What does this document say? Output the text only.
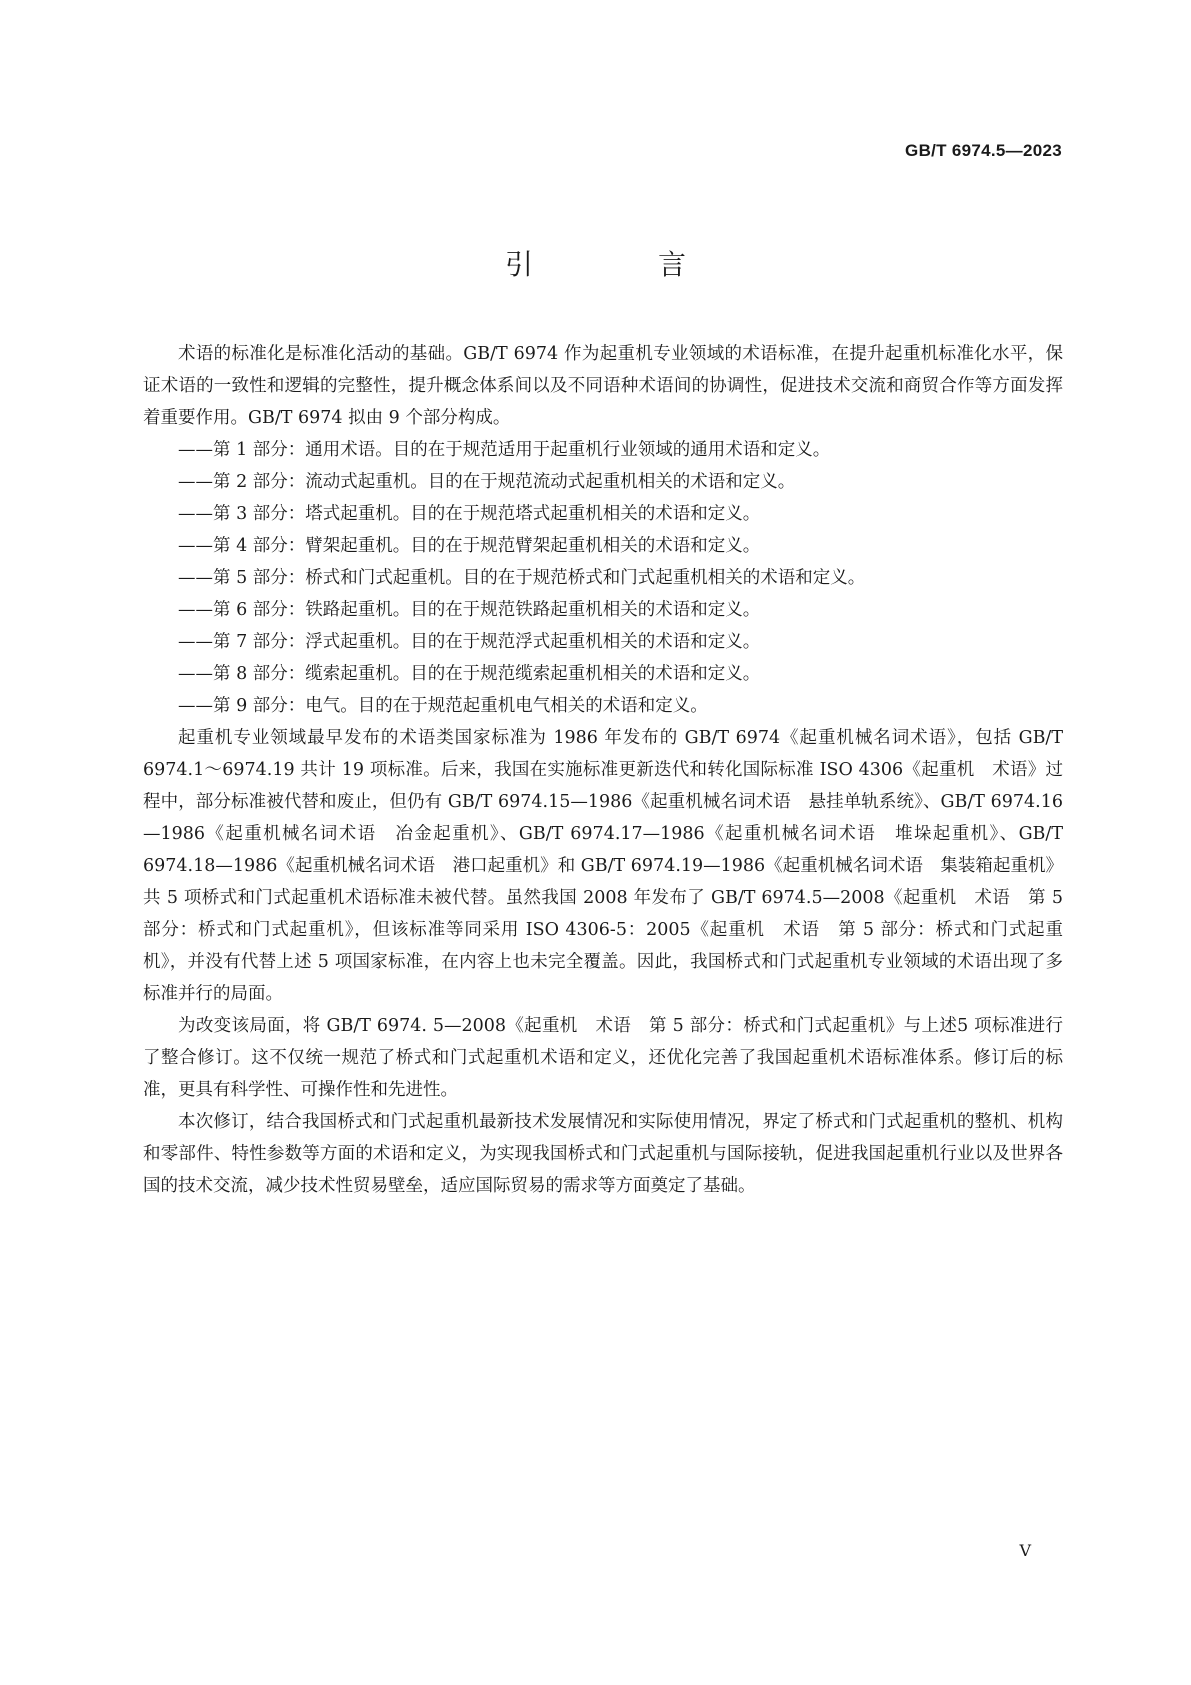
GB/T 6974.5—2023
引 言

术语的标准化是标准化活动的基础。GB/T 6974 作为起重机专业领域的术语标准，在提升起重机标准化水平，保证术语的一致性和逻辑的完整性，提升概念体系间以及不同语种术语间的协调性，促进技术交流和商贸合作等方面发挥着重要作用。GB/T 6974 拟由 9 个部分构成。

——第 1 部分：通用术语。目的在于规范适用于起重机行业领域的通用术语和定义。
——第 2 部分：流动式起重机。目的在于规范流动式起重机相关的术语和定义。
——第 3 部分：塔式起重机。目的在于规范塔式起重机相关的术语和定义。
——第 4 部分：臂架起重机。目的在于规范臂架起重机相关的术语和定义。
——第 5 部分：桥式和门式起重机。目的在于规范桥式和门式起重机相关的术语和定义。
——第 6 部分：铁路起重机。目的在于规范铁路起重机相关的术语和定义。
——第 7 部分：浮式起重机。目的在于规范浮式起重机相关的术语和定义。
——第 8 部分：缆索起重机。目的在于规范缆索起重机相关的术语和定义。
——第 9 部分：电气。目的在于规范起重机电气相关的术语和定义。

起重机专业领域最早发布的术语类国家标准为 1986 年发布的 GB/T 6974《起重机械名词术语》，包括 GB/T 6974.1～6974.19 共计 19 项标准。后来，我国在实施标准更新迭代和转化国际标准 ISO 4306《起重机　术语》过程中，部分标准被代替和废止，但仍有 GB/T 6974.15—1986《起重机械名词术语　悬挂单轨系统》、GB/T 6974.16—1986《起重机械名词术语　冶金起重机》、GB/T 6974.17—1986《起重机械名词术语　堆垛起重机》、GB/T 6974.18—1986《起重机械名词术语　港口起重机》和 GB/T 6974.19—1986《起重机械名词术语　集装箱起重机》共 5 项桥式和门式起重机术语标准未被代替。虽然我国 2008 年发布了 GB/T 6974.5—2008《起重机　术语　第 5 部分：桥式和门式起重机》，但该标准等同采用 ISO 4306-5：2005《起重机　术语　第 5 部分：桥式和门式起重机》，并没有代替上述 5 项国家标准，在内容上也未完全覆盖。因此，我国桥式和门式起重机专业领域的术语出现了多标准并行的局面。

为改变该局面，将 GB/T 6974. 5—2008《起重机　术语　第 5 部分：桥式和门式起重机》与上述5 项标准进行了整合修订。这不仅统一规范了桥式和门式起重机术语和定义，还优化完善了我国起重机术语标准体系。修订后的标准，更具有科学性、可操作性和先进性。

本次修订，结合我国桥式和门式起重机最新技术发展情况和实际使用情况，界定了桥式和门式起重机的整机、机构和零部件、特性参数等方面的术语和定义，为实现我国桥式和门式起重机与国际接轨，促进我国起重机行业以及世界各国的技术交流，减少技术性贸易壁垒，适应国际贸易的需求等方面奠定了基础。

V
